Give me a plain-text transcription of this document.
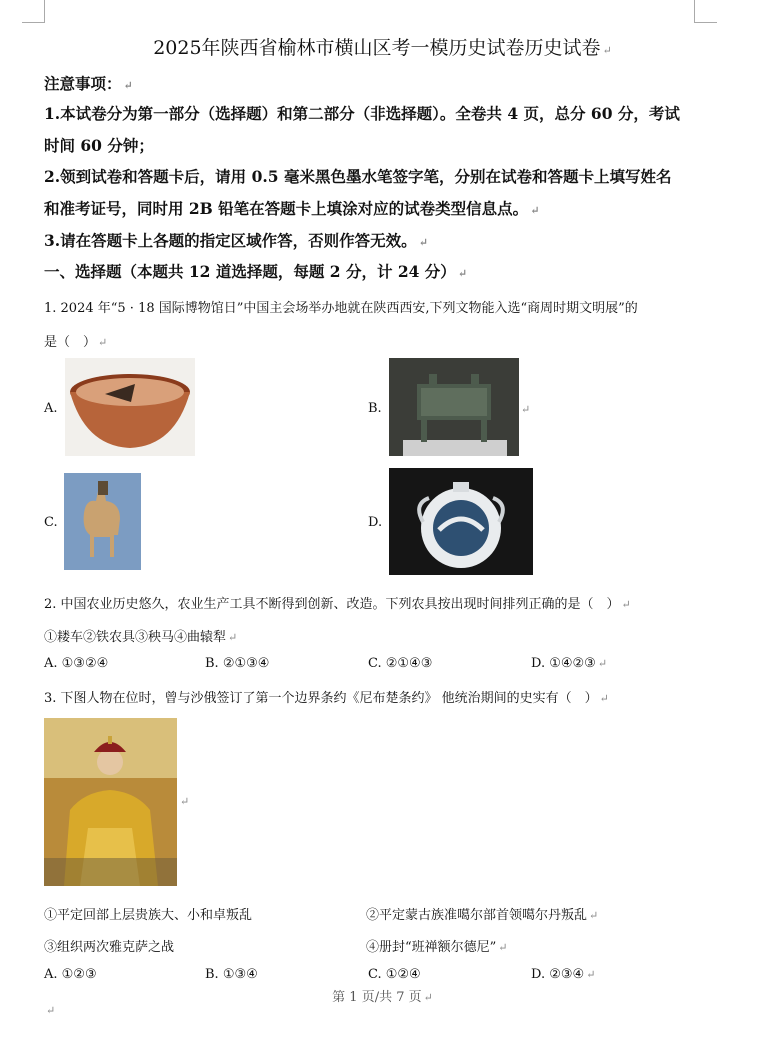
2025年陕西省榆林市横山区考一模历史试卷历史试卷 ↵
注意事项： ↵
1.本试卷分为第一部分（选择题）和第二部分（非选择题）。全卷共 4 页，总分 60 分，考试
时间 60 分钟；
2.领到试卷和答题卡后，请用 0.5 毫米黑色墨水笔签字笔，分别在试卷和答题卡上填写姓名
和准考证号，同时用 2B 铅笔在答题卡上填涂对应的试卷类型信息点。 ↵
3.请在答题卡上各题的指定区域作答，否则作答无效。 ↵
一、选择题（本题共 12 道选择题，每题 2 分，计 24 分） ↵
1. 2024 年“5 · 18 国际博物馆日”中国主会场举办地就在陕西西安,下列文物能入选“商周时期文明展”的
是（　） ↵
A.	B.	↵
C.	D.
2. 中国农业历史悠久，农业生产工具不断得到创新、改造。下列农具按出现时间排列正确的是（　） ↵
①耧车②铁农具③秧马④曲辕犁 ↵
A. ①③②④	B. ②①③④	C. ②①④③	D. ①④②③ ↵
3. 下图人物在位时，曾与沙俄签订了第一个边界条约《尼布楚条约》 他统治期间的史实有（　） ↵
↵
①平定回部上层贵族大、小和卓叛乱	②平定蒙古族准噶尔部首领噶尔丹叛乱 ↵
③组织两次雅克萨之战	④册封“班禅额尔德尼” ↵
A. ①②③	B. ①③④	C. ①②④	D. ②③④ ↵
第 1 页/共 7 页 ↵
↵
